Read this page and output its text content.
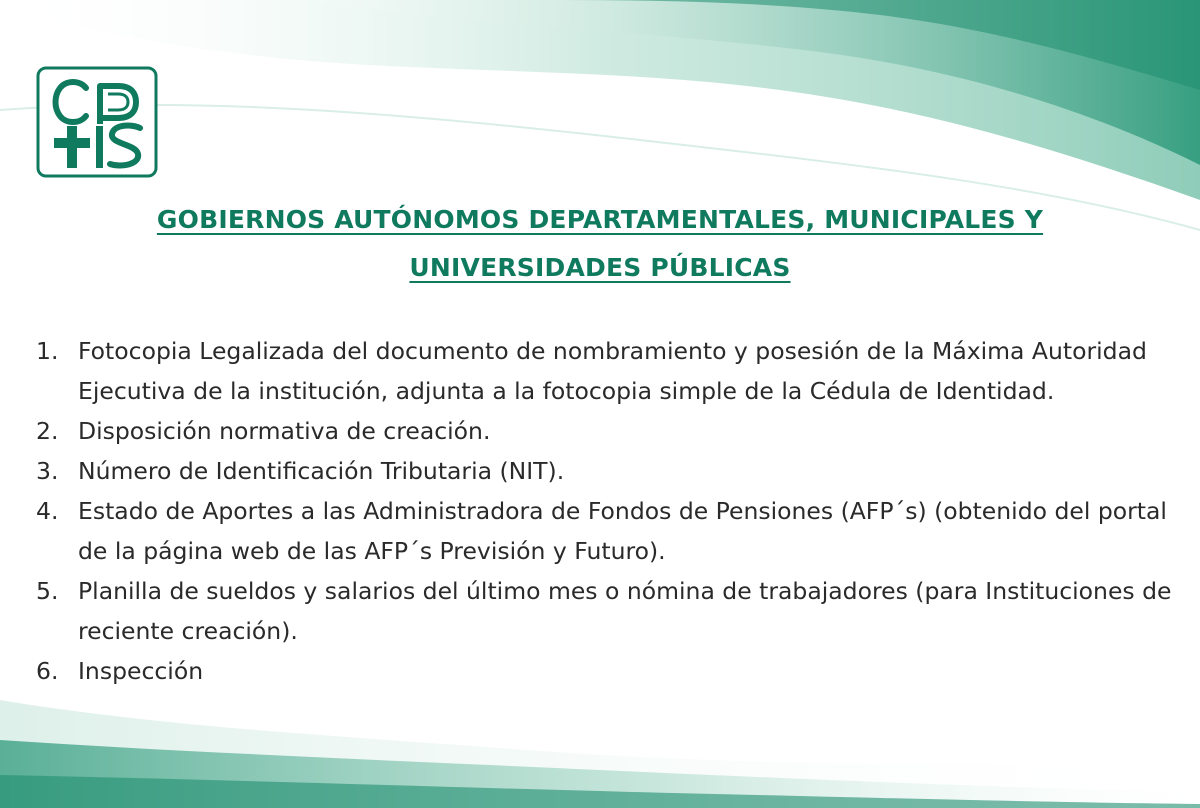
GOBIERNOS AUTÓNOMOS DEPARTAMENTALES, MUNICIPALES Y
UNIVERSIDADES PÚBLICAS
1. Fotocopia Legalizada del documento de nombramiento y posesión de la Máxima Autoridad Ejecutiva de la institución, adjunta a la fotocopia simple de la Cédula de Identidad.
2. Disposición normativa de creación.
3. Número de Identificación Tributaria (NIT).
4. Estado de Aportes a las Administradora de Fondos de Pensiones (AFP´s) (obtenido del portal de la página web de las AFP´s Previsión y Futuro).
5. Planilla de sueldos y salarios del último mes o nómina de trabajadores (para Instituciones de reciente creación).
6. Inspección
